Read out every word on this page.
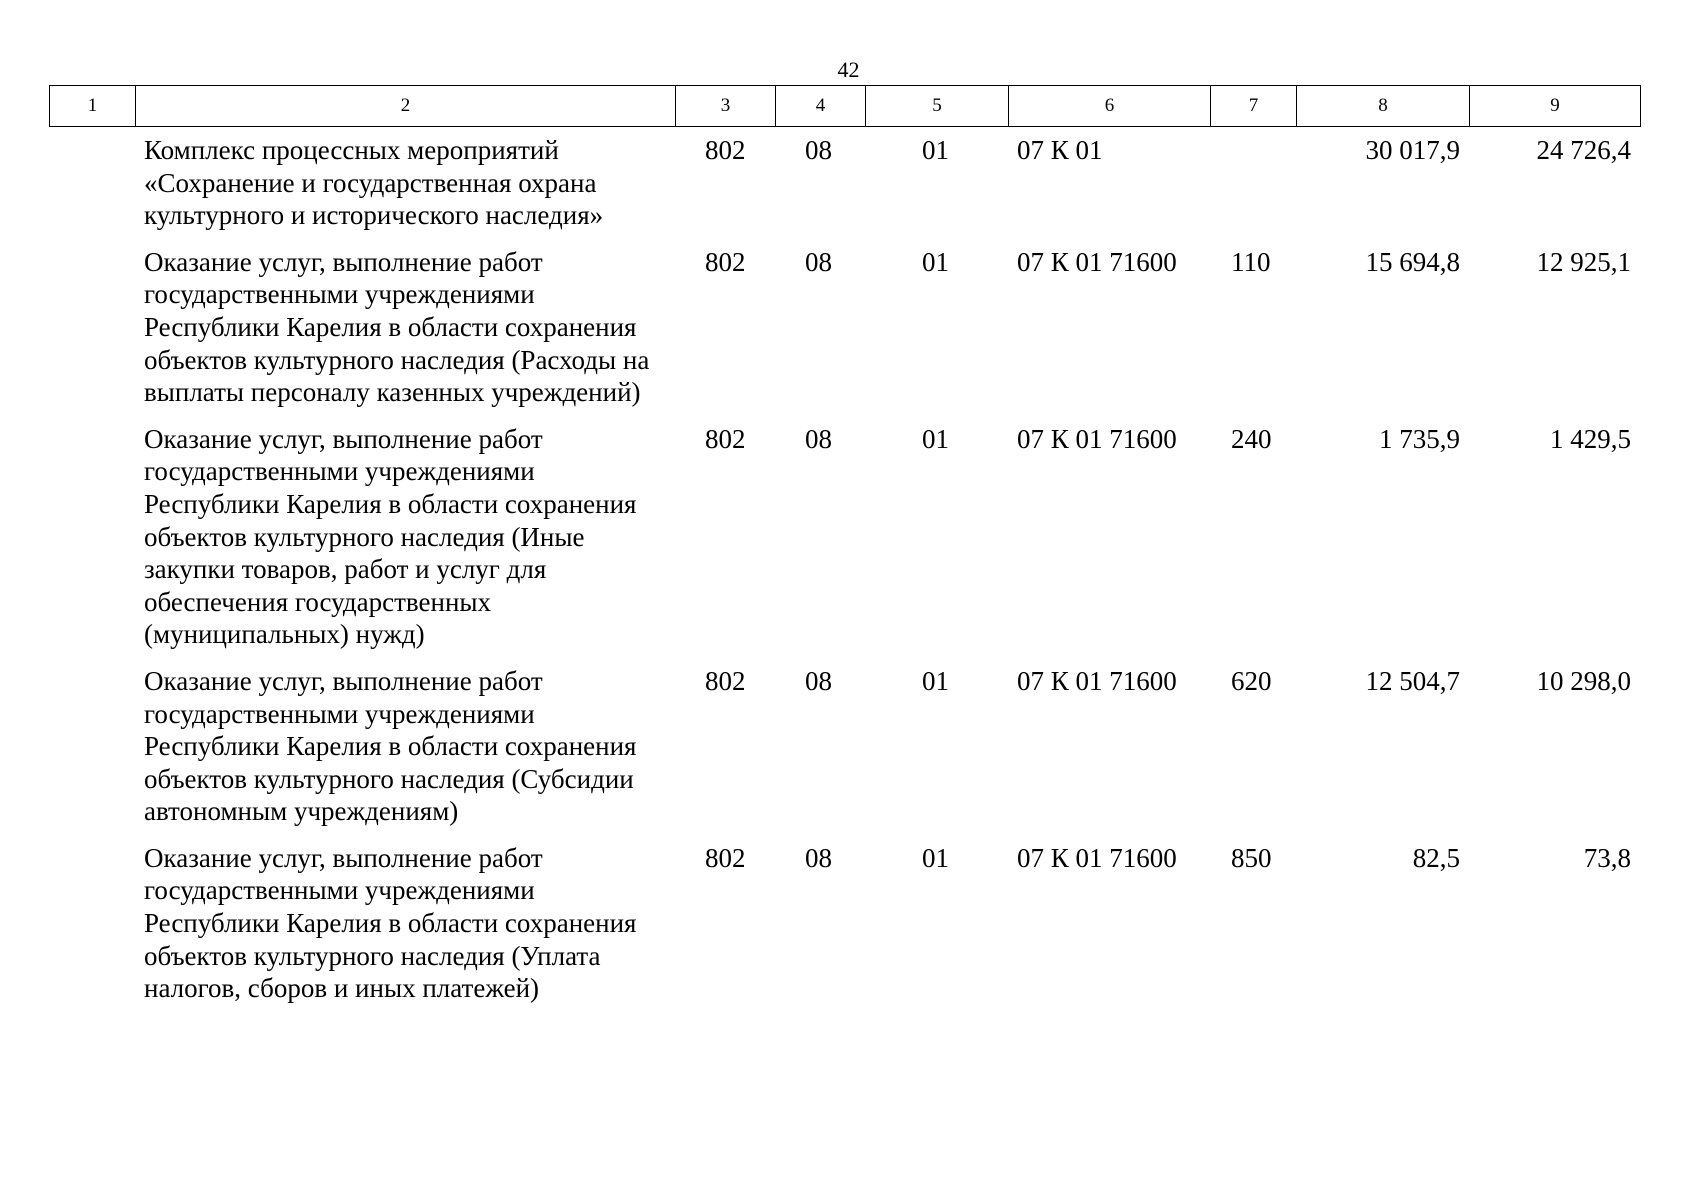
42
1	2	3	4	5	6	7	8	9
	Комплекс процессных мероприятий «Сохранение и государственная охрана культурного и исторического наследия»	802	08	01	07 К 01		30 017,9	24 726,4
	Оказание услуг, выполнение работ государственными учреждениями Республики Карелия в области сохранения объектов культурного наследия (Расходы на выплаты персоналу казенных учреждений)	802	08	01	07 К 01 71600	110	15 694,8	12 925,1
	Оказание услуг, выполнение работ государственными учреждениями Республики Карелия в области сохранения объектов культурного наследия (Иные закупки товаров, работ и услуг для обеспечения государственных (муниципальных) нужд)	802	08	01	07 К 01 71600	240	1 735,9	1 429,5
	Оказание услуг, выполнение работ государственными учреждениями Республики Карелия в области сохранения объектов культурного наследия (Субсидии автономным учреждениям)	802	08	01	07 К 01 71600	620	12 504,7	10 298,0
	Оказание услуг, выполнение работ государственными учреждениями Республики Карелия в области сохранения объектов культурного наследия (Уплата налогов, сборов и иных платежей)	802	08	01	07 К 01 71600	850	82,5	73,8
